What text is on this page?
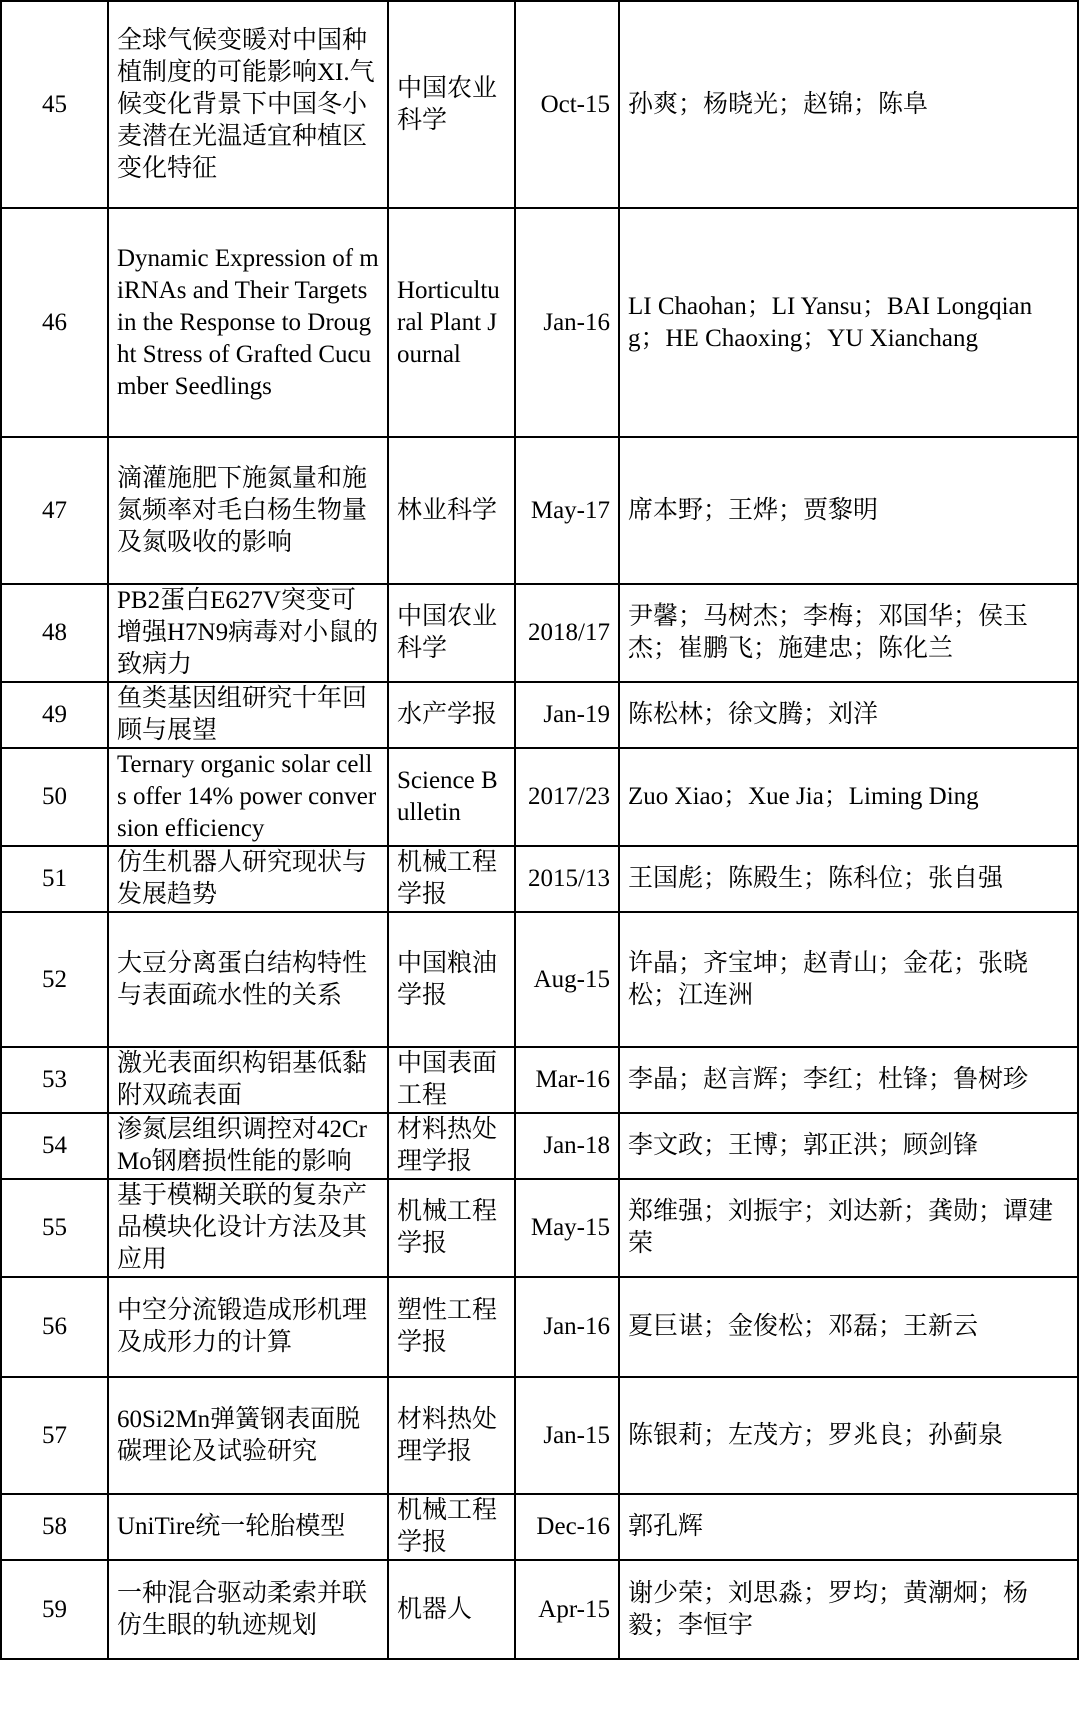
45	全球气候变暖对中国种植制度的可能影响XI.气候变化背景下中国冬小麦潜在光温适宜种植区变化特征	中国农业科学	Oct-15	孙爽；杨晓光；赵锦；陈阜
46	Dynamic Expression of miRNAs and Their Targets in the Response to Drought Stress of Grafted Cucumber Seedlings	Horticultural Plant Journal	Jan-16	LI Chaohan；LI Yansu；BAI Longqiang；HE Chaoxing；YU Xianchang
47	滴灌施肥下施氮量和施氮频率对毛白杨生物量及氮吸收的影响	林业科学	May-17	席本野；王烨；贾黎明
48	PB2蛋白E627V突变可增强H7N9病毒对小鼠的致病力	中国农业科学	2018/17	尹馨；马树杰；李梅；邓国华；侯玉杰；崔鹏飞；施建忠；陈化兰
49	鱼类基因组研究十年回顾与展望	水产学报	Jan-19	陈松林；徐文腾；刘洋
50	Ternary organic solar cells offer 14% power conversion efficiency	Science Bulletin	2017/23	Zuo Xiao；Xue Jia；Liming Ding
51	仿生机器人研究现状与发展趋势	机械工程学报	2015/13	王国彪；陈殿生；陈科位；张自强
52	大豆分离蛋白结构特性与表面疏水性的关系	中国粮油学报	Aug-15	许晶；齐宝坤；赵青山；金花；张晓松；江连洲
53	激光表面织构铝基低黏附双疏表面	中国表面工程	Mar-16	李晶；赵言辉；李红；杜锋；鲁树珍
54	渗氮层组织调控对42CrMo钢磨损性能的影响	材料热处理学报	Jan-18	李文政；王博；郭正洪；顾剑锋
55	基于模糊关联的复杂产品模块化设计方法及其应用	机械工程学报	May-15	郑维强；刘振宇；刘达新；龚勋；谭建荣
56	中空分流锻造成形机理及成形力的计算	塑性工程学报	Jan-16	夏巨谌；金俊松；邓磊；王新云
57	60Si2Mn弹簧钢表面脱碳理论及试验研究	材料热处理学报	Jan-15	陈银莉；左茂方；罗兆良；孙蓟泉
58	UniTire统一轮胎模型	机械工程学报	Dec-16	郭孔辉
59	一种混合驱动柔索并联仿生眼的轨迹规划	机器人	Apr-15	谢少荣；刘思淼；罗均；黄潮炯；杨毅；李恒宇
